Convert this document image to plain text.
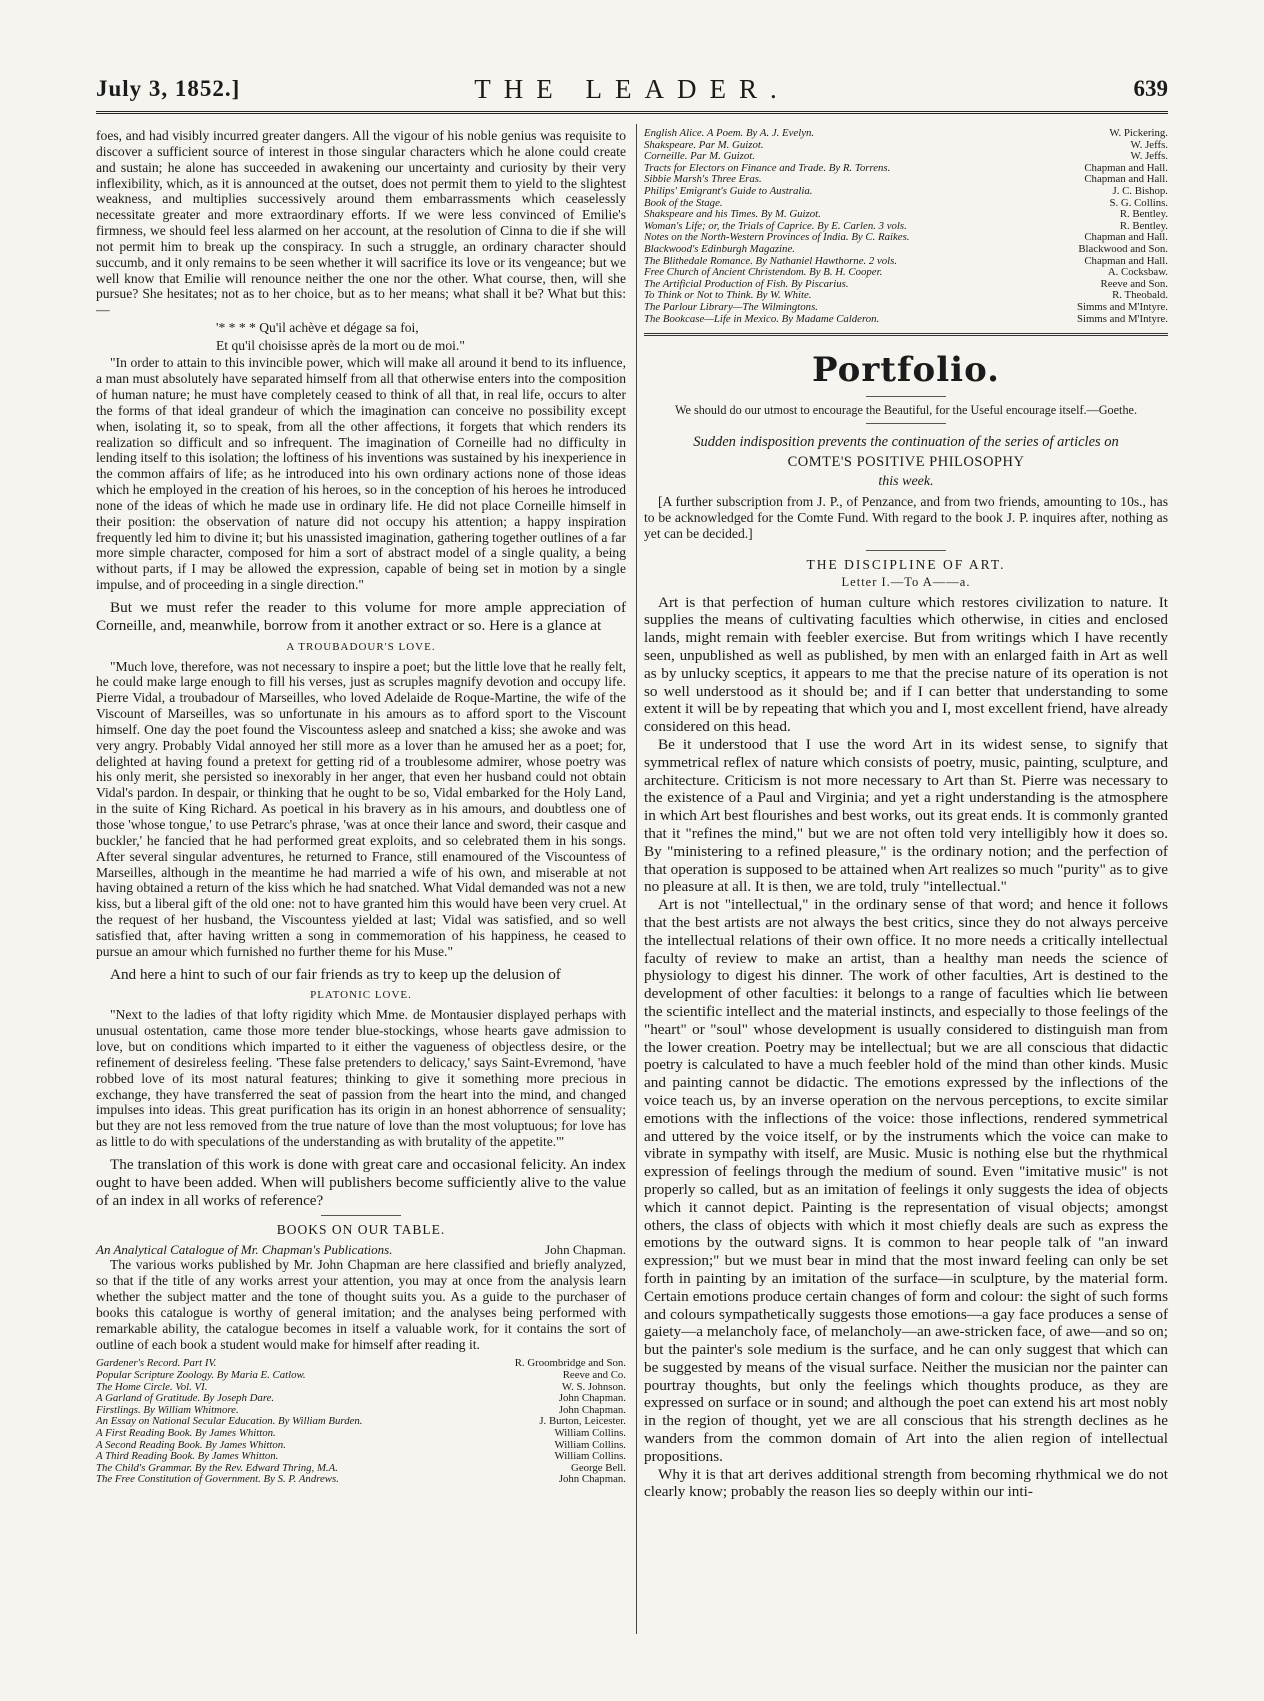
July 3, 1852.]	THE LEADER.	639

foes, and had visibly incurred greater dangers. All the vigour of his noble genius was requisite to discover a sufficient source of interest in those singular characters which he alone could create and sustain; he alone has succeeded in awakening our uncertainty and curiosity by their very inflexibility, which, as it is announced at the outset, does not permit them to yield to the slightest weakness, and multiplies successively around them embarrassments which ceaselessly necessitate greater and more extraordinary efforts. If we were less convinced of Emilie's firmness, we should feel less alarmed on her account, at the resolution of Cinna to die if she will not permit him to break up the conspiracy. In such a struggle, an ordinary character should succumb, and it only remains to be seen whether it will sacrifice its love or its vengeance; but we well know that Emilie will renounce neither the one nor the other. What course, then, will she pursue? She hesitates; not as to her choice, but as to her means; what shall it be? What but this:—

'* * * * Qu'il achève et dégage sa foi,
Et qu'il choisisse après de la mort ou de moi."

"In order to attain to this invincible power, which will make all around it bend to its influence, a man must absolutely have separated himself from all that otherwise enters into the composition of human nature; he must have completely ceased to think of all that, in real life, occurs to alter the forms of that ideal grandeur of which the imagination can conceive no possibility except when, isolating it, so to speak, from all the other affections, it forgets that which renders its realization so difficult and so infrequent. The imagination of Corneille had no difficulty in lending itself to this isolation; the loftiness of his inventions was sustained by his inexperience in the common affairs of life; as he introduced into his own ordinary actions none of those ideas which he employed in the creation of his heroes, so in the conception of his heroes he introduced none of the ideas of which he made use in ordinary life. He did not place Corneille himself in their position: the observation of nature did not occupy his attention; a happy inspiration frequently led him to divine it; but his unassisted imagination, gathering together outlines of a far more simple character, composed for him a sort of abstract model of a single quality, a being without parts, if I may be allowed the expression, capable of being set in motion by a single impulse, and of proceeding in a single direction."

But we must refer the reader to this volume for more ample appreciation of Corneille, and, meanwhile, borrow from it another extract or so. Here is a glance at

A TROUBADOUR'S LOVE.

"Much love, therefore, was not necessary to inspire a poet; but the little love that he really felt, he could make large enough to fill his verses, just as scruples magnify devotion and occupy life. Pierre Vidal, a troubadour of Marseilles, who loved Adelaide de Roque-Martine, the wife of the Viscount of Marseilles, was so unfortunate in his amours as to afford sport to the Viscount himself. One day the poet found the Viscountess asleep and snatched a kiss; she awoke and was very angry. Probably Vidal annoyed her still more as a lover than he amused her as a poet; for, delighted at having found a pretext for getting rid of a troublesome admirer, whose poetry was his only merit, she persisted so inexorably in her anger, that even her husband could not obtain Vidal's pardon. In despair, or thinking that he ought to be so, Vidal embarked for the Holy Land, in the suite of King Richard. As poetical in his bravery as in his amours, and doubtless one of those 'whose tongue,' to use Petrarc's phrase, 'was at once their lance and sword, their casque and buckler,' he fancied that he had performed great exploits, and so celebrated them in his songs. After several singular adventures, he returned to France, still enamoured of the Viscountess of Marseilles, although in the meantime he had married a wife of his own, and miserable at not having obtained a return of the kiss which he had snatched. What Vidal demanded was not a new kiss, but a liberal gift of the old one: not to have granted him this would have been very cruel. At the request of her husband, the Viscountess yielded at last; Vidal was satisfied, and so well satisfied that, after having written a song in commemoration of his happiness, he ceased to pursue an amour which furnished no further theme for his Muse."

And here a hint to such of our fair friends as try to keep up the delusion of

PLATONIC LOVE.

"Next to the ladies of that lofty rigidity which Mme. de Montausier displayed perhaps with unusual ostentation, came those more tender blue-stockings, whose hearts gave admission to love, but on conditions which imparted to it either the vagueness of objectless desire, or the refinement of desireless feeling. 'These false pretenders to delicacy,' says Saint-Evremond, 'have robbed love of its most natural features; thinking to give it something more precious in exchange, they have transferred the seat of passion from the heart into the mind, and changed impulses into ideas. This great purification has its origin in an honest abhorrence of sensuality; but they are not less removed from the true nature of love than the most voluptuous; for love has as little to do with speculations of the understanding as with brutality of the appetite.'"

The translation of this work is done with great care and occasional felicity. An index ought to have been added. When will publishers become sufficiently alive to the value of an index in all works of reference?

BOOKS ON OUR TABLE.
An Analytical Catalogue of Mr. Chapman's Publications.	John Chapman.

The various works published by Mr. John Chapman are here classified and briefly analyzed, so that if the title of any works arrest your attention, you may at once from the analysis learn whether the subject matter and the tone of thought suits you. As a guide to the purchaser of books this catalogue is worthy of general imitation; and the analyses being performed with remarkable ability, the catalogue becomes in itself a valuable work, for it contains the sort of outline of each book a student would make for himself after reading it.

Gardener's Record. Part IV.	R. Groombridge and Son.
Popular Scripture Zoology. By Maria E. Catlow.	Reeve and Co.
The Home Circle. Vol. VI.	W. S. Johnson.
A Garland of Gratitude. By Joseph Dare.	John Chapman.
Firstlings. By William Whitmore.	John Chapman.
An Essay on National Secular Education. By William Burden.	J. Burton, Leicester.
A First Reading Book. By James Whitton.	William Collins.
A Second Reading Book. By James Whitton.	William Collins.
A Third Reading Book. By James Whitton.	William Collins.
The Child's Grammar. By the Rev. Edward Thring, M.A.	George Bell.
The Free Constitution of Government. By S. P. Andrews.	John Chapman.
English Alice. A Poem. By A. J. Evelyn.	W. Pickering.
Shakspeare. Par M. Guizot.	W. Jeffs.
Corneille. Par M. Guizot.	W. Jeffs.
Tracts for Electors on Finance and Trade. By R. Torrens.	Chapman and Hall.
Sibbie Marsh's Three Eras.	Chapman and Hall.
Philips' Emigrant's Guide to Australia.	J. C. Bishop.
Book of the Stage.	S. G. Collins.
Shakspeare and his Times. By M. Guizot.	R. Bentley.
Woman's Life; or, the Trials of Caprice. By E. Carlen. 3 vols.	R. Bentley.
Notes on the North-Western Provinces of India. By C. Raikes.	Chapman and Hall.
Blackwood's Edinburgh Magazine.	Blackwood and Son.
The Blithedale Romance. By Nathaniel Hawthorne. 2 vols.	Chapman and Hall.
Free Church of Ancient Christendom. By B. H. Cooper.	A. Cocksbaw.
The Artificial Production of Fish. By Piscarius.	Reeve and Son.
To Think or Not to Think. By W. White.	R. Theobald.
The Parlour Library—The Wilmingtons.	Simms and M'Intyre.
The Bookcase—Life in Mexico. By Madame Calderon.	Simms and M'Intyre.
Portfolio.
We should do our utmost to encourage the Beautiful, for the Useful encourage itself.—Goethe.
Sudden indisposition prevents the continuation of the series of articles on
COMTE'S POSITIVE PHILOSOPHY
this week.

[A further subscription from J. P., of Penzance, and from two friends, amounting to 10s., has to be acknowledged for the Comte Fund. With regard to the book J. P. inquires after, nothing as yet can be decided.]

THE DISCIPLINE OF ART.
Letter I.—To A——a.

Art is that perfection of human culture which restores civilization to nature. It supplies the means of cultivating faculties which otherwise, in cities and enclosed lands, might remain with feebler exercise. But from writings which I have recently seen, unpublished as well as published, by men with an enlarged faith in Art as well as by unlucky sceptics, it appears to me that the precise nature of its operation is not so well understood as it should be; and if I can better that understanding to some extent it will be by repeating that which you and I, most excellent friend, have already considered on this head.

Be it understood that I use the word Art in its widest sense, to signify that symmetrical reflex of nature which consists of poetry, music, painting, sculpture, and architecture. Criticism is not more necessary to Art than St. Pierre was necessary to the existence of a Paul and Virginia; and yet a right understanding is the atmosphere in which Art best flourishes and best works, out its great ends. It is commonly granted that it "refines the mind," but we are not often told very intelligibly how it does so. By "ministering to a refined pleasure," is the ordinary notion; and the perfection of that operation is supposed to be attained when Art realizes so much "purity" as to give no pleasure at all. It is then, we are told, truly "intellectual."

Art is not "intellectual," in the ordinary sense of that word; and hence it follows that the best artists are not always the best critics, since they do not always perceive the intellectual relations of their own office. It no more needs a critically intellectual faculty of review to make an artist, than a healthy man needs the science of physiology to digest his dinner. The work of other faculties, Art is destined to the development of other faculties: it belongs to a range of faculties which lie between the scientific intellect and the material instincts, and especially to those feelings of the "heart" or "soul" whose development is usually considered to distinguish man from the lower creation. Poetry may be intellectual; but we are all conscious that didactic poetry is calculated to have a much feebler hold of the mind than other kinds. Music and painting cannot be didactic. The emotions expressed by the inflections of the voice teach us, by an inverse operation on the nervous perceptions, to excite similar emotions with the inflections of the voice: those inflections, rendered symmetrical and uttered by the voice itself, or by the instruments which the voice can make to vibrate in sympathy with itself, are Music. Music is nothing else but the rhythmical expression of feelings through the medium of sound. Even "imitative music" is not properly so called, but as an imitation of feelings it only suggests the idea of objects which it cannot depict. Painting is the representation of visual objects; amongst others, the class of objects with which it most chiefly deals are such as express the emotions by the outward signs. It is common to hear people talk of "an inward expression;" but we must bear in mind that the most inward feeling can only be set forth in painting by an imitation of the surface—in sculpture, by the material form. Certain emotions produce certain changes of form and colour: the sight of such forms and colours sympathetically suggests those emotions—a gay face produces a sense of gaiety—a melancholy face, of melancholy—an awe-stricken face, of awe—and so on; but the painter's sole medium is the surface, and he can only suggest that which can be suggested by means of the visual surface. Neither the musician nor the painter can pourtray thoughts, but only the feelings which thoughts produce, as they are expressed on surface or in sound; and although the poet can extend his art most nobly in the region of thought, yet we are all conscious that his strength declines as he wanders from the common domain of Art into the alien region of intellectual propositions.

Why it is that art derives additional strength from becoming rhythmical we do not clearly know; probably the reason lies so deeply within our inti-
